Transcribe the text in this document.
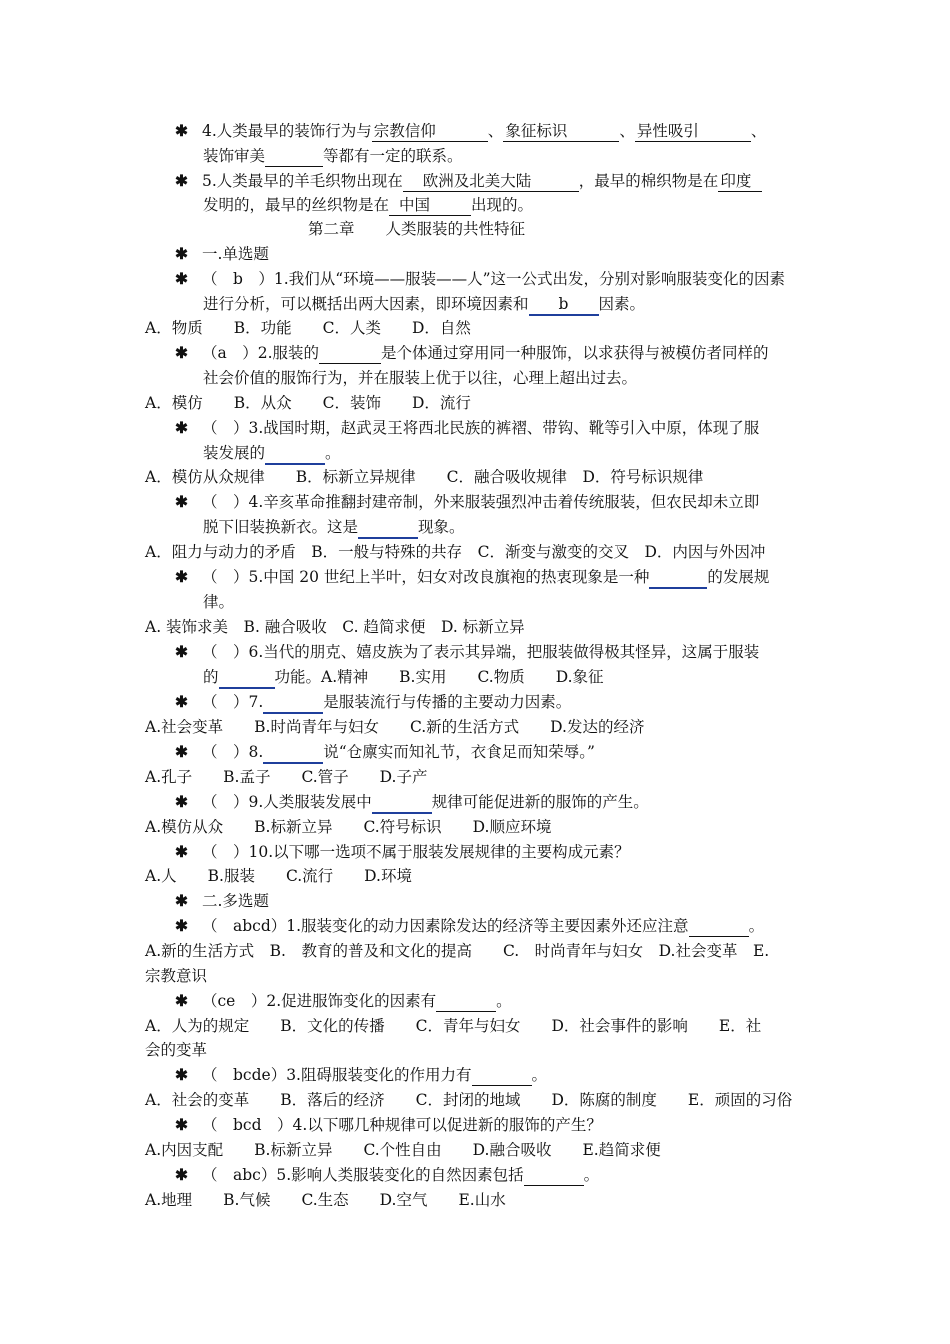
✱ 4.人类最早的装饰行为与 宗教信仰	、 象征标识	、 异性吸引	、
装饰审美	等都有一定的联系。
✱ 5.人类最早的羊毛织物出现在 欧洲及北美大陆	，最早的棉织物是在 印度
发明的，最早的丝织物是在 中国	出现的。
第二章　　人类服装的共性特征
✱ 一.单选题
✱ （　b　）1.我们从“环境——服装——人”这一公式出发，分别对影响服装变化的因素
进行分析，可以概括出两大因素，即环境因素和 b 因素。
A．物质　　B．功能　　C．人类　　D．自然
✱ （a　）2.服装的	是个体通过穿用同一种服饰，以求获得与被模仿者同样的
社会价值的服饰行为，并在服装上优于以往，心理上超出过去。
A．模仿　　B．从众　　C．装饰　　D．流行
✱ （　）3.战国时期，赵武灵王将西北民族的裤褶、带钩、靴等引入中原，体现了服
装发展的	。
A．模仿从众规律　　B．标新立异规律　　C．融合吸收规律　D．符号标识规律
✱ （　）4.辛亥革命推翻封建帝制，外来服装强烈冲击着传统服装，但农民却未立即
脱下旧装换新衣。这是	现象。
A．阻力与动力的矛盾　B．一般与特殊的共存　C．渐变与激变的交叉　D．内因与外因冲
✱ （　）5.中国 20 世纪上半叶，妇女对改良旗袍的热衷现象是一种	的发展规
律。
A. 装饰求美　B. 融合吸收　C. 趋简求便　D. 标新立异
✱ （　）6.当代的朋克、嬉皮族为了表示其异端，把服装做得极其怪异，这属于服装
的	功能。A.精神　　B.实用　　C.物质　　D.象征
✱ （　）7.	是服装流行与传播的主要动力因素。
A.社会变革　　B.时尚青年与妇女　　C.新的生活方式　　D.发达的经济
✱ （　）8.	说“仓廪实而知礼节，衣食足而知荣辱。”
A.孔子　　B.孟子　　C.管子　　D.子产
✱ （　）9.人类服装发展中	规律可能促进新的服饰的产生。
A.模仿从众　　B.标新立异　　C.符号标识　　D.顺应环境
✱ （　）10.以下哪一选项不属于服装发展规律的主要构成元素？
A.人　　B.服装　　C.流行　　D.环境
✱ 二.多选题
✱ （　abcd）1.服装变化的动力因素除发达的经济等主要因素外还应注意	。
A.新的生活方式　B.　教育的普及和文化的提高　　C.　时尚青年与妇女　D.社会变革　E.
宗教意识
✱ （ce　）2.促进服饰变化的因素有	。
A．人为的规定　　B．文化的传播　　C．青年与妇女　　D．社会事件的影响　　E．社
会的变革
✱ （　bcde）3.阻碍服装变化的作用力有	。
A．社会的变革　　B．落后的经济　　C．封闭的地域　　D．陈腐的制度　　E．顽固的习俗
✱ （　bcd　）4.以下哪几种规律可以促进新的服饰的产生？
A.内因支配　　B.标新立异　　C.个性自由　　D.融合吸收　　E.趋简求便
✱ （　abc）5.影响人类服装变化的自然因素包括	。
A.地理　　B.气候　　C.生态　　D.空气　　E.山水
